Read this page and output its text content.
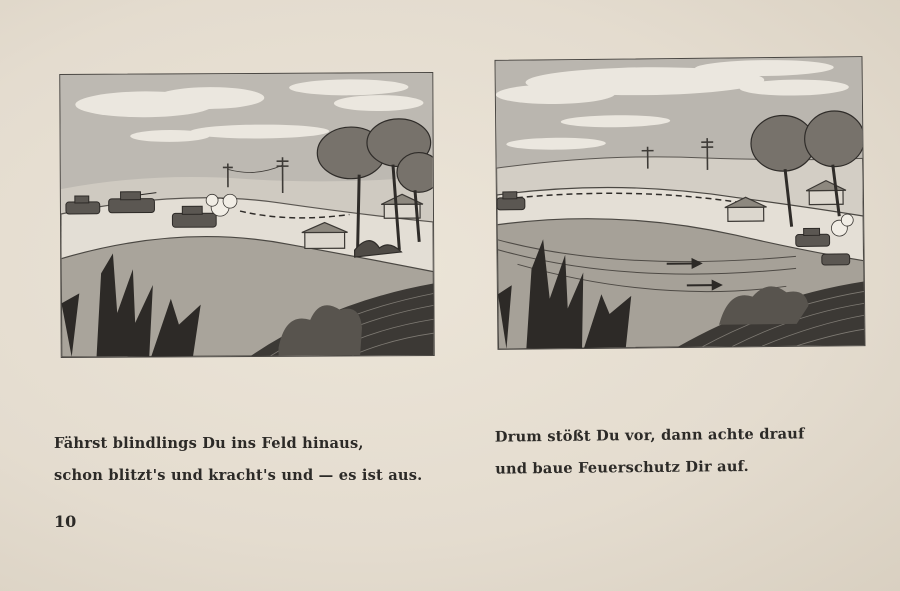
Fährst blindlings Du ins Feld hinaus,
schon blitzt's und kracht's und — es ist aus.
Drum stößt Du vor, dann achte drauf
und baue Feuerschutz Dir auf.
10
